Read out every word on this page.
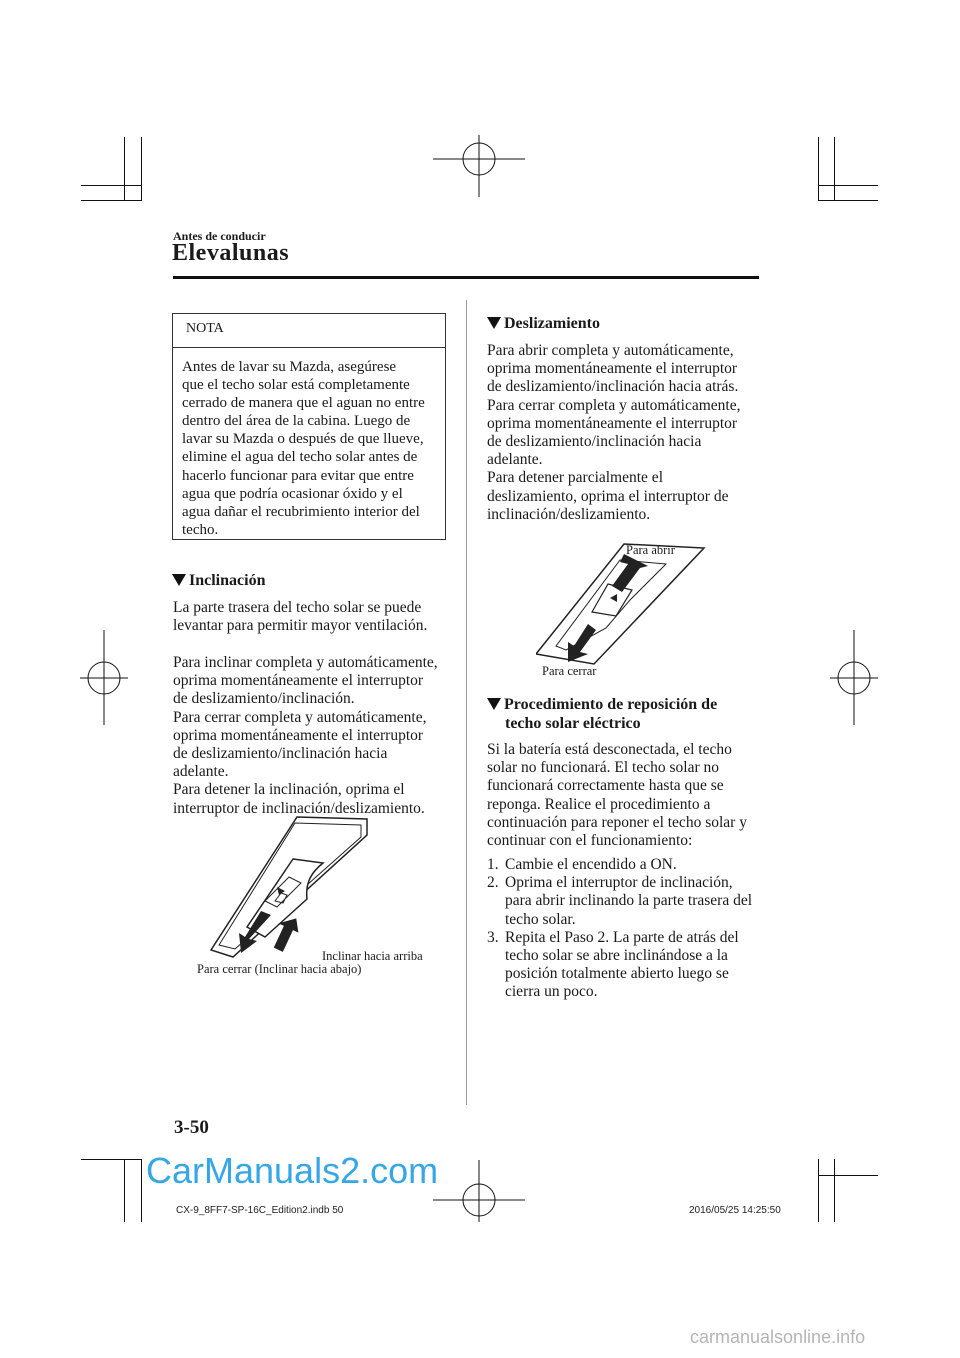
Antes de conducir
Elevalunas
NOTA

Antes de lavar su Mazda, asegúrese

que el techo solar está completamente

cerrado de manera que el aguan no entre

dentro del área de la cabina. Luego de

lavar su Mazda o después de que llueve,

elimine el agua del techo solar antes de

hacerlo funcionar para evitar que entre

agua que podría ocasionar óxido y el

agua dañar el recubrimiento interior del

techo.

Inclinación

La parte trasera del techo solar se puede

levantar para permitir mayor ventilación.

Para inclinar completa y automáticamente,

oprima momentáneamente el interruptor

de deslizamiento/inclinación.

Para cerrar completa y automáticamente,

oprima momentáneamente el interruptor

de deslizamiento/inclinación hacia

adelante.

Para detener la inclinación, oprima el

interruptor de inclinación/deslizamiento.

Inclinar hacia arriba
Para cerrar (Inclinar hacia abajo)
Deslizamiento

Para abrir completa y automáticamente,

oprima momentáneamente el interruptor

de deslizamiento/inclinación hacia atrás.

Para cerrar completa y automáticamente,

oprima momentáneamente el interruptor

de deslizamiento/inclinación hacia

adelante.

Para detener parcialmente el

deslizamiento, oprima el interruptor de

inclinación/deslizamiento.

Para abrir
Para cerrar

Procedimiento de reposición de

techo solar eléctrico

Si la batería está desconectada, el techo

solar no funcionará. El techo solar no

funcionará correctamente hasta que se

reponga. Realice el procedimiento a

continuación para reponer el techo solar y

continuar con el funcionamiento:

1. Cambie el encendido a ON.

2. Oprima el interruptor de inclinación,

para abrir inclinando la parte trasera del

techo solar.

3. Repita el Paso 2. La parte de atrás del

techo solar se abre inclinándose a la

posición totalmente abierto luego se

cierra un poco.

3-50
CarManuals2.com
CX-9_8FF7-SP-16C_Edition2.indb 50	2016/05/25 14:25:50
carmanualsonline.info
